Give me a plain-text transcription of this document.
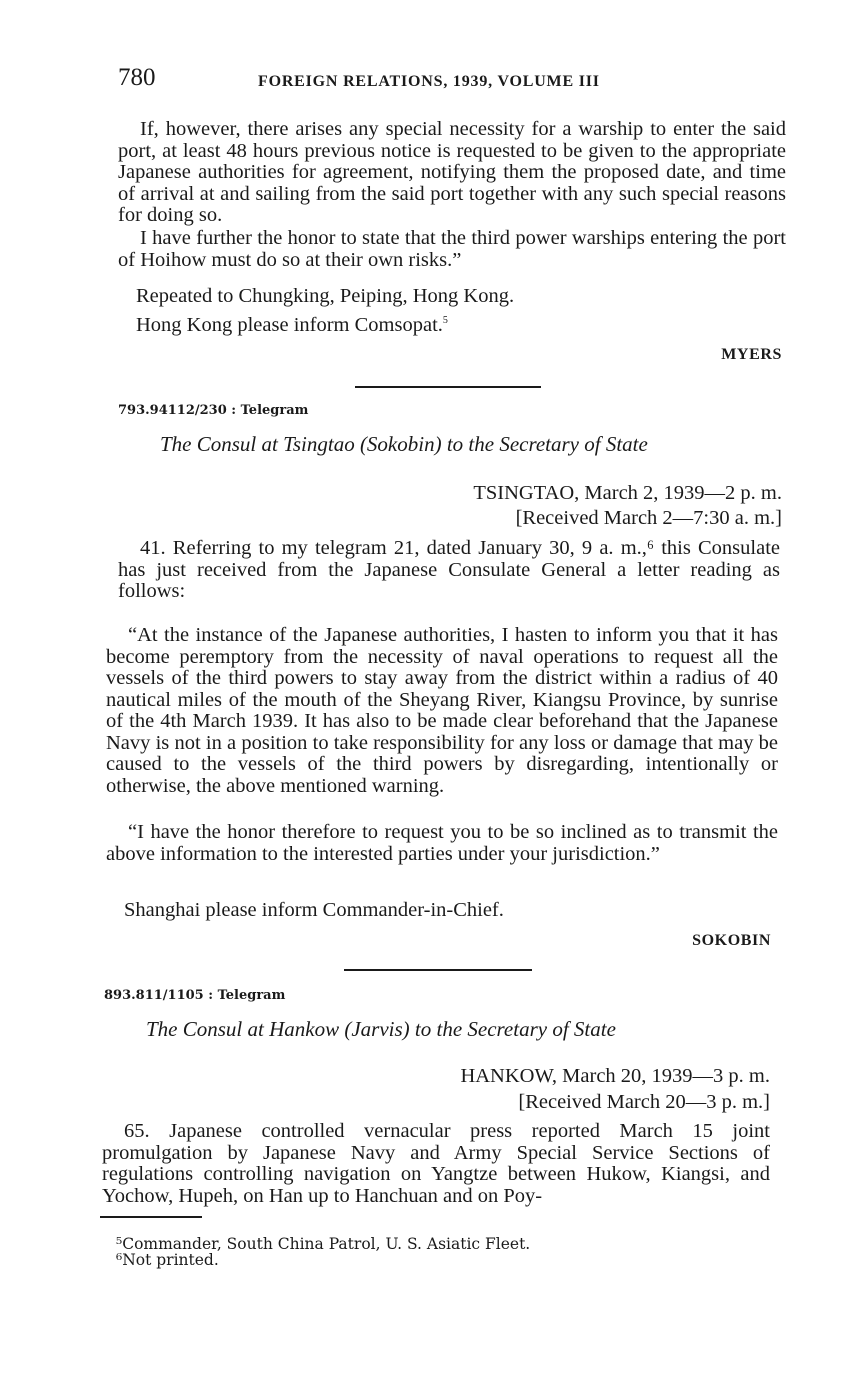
780	FOREIGN RELATIONS, 1939, VOLUME III

If, however, there arises any special necessity for a warship to enter the said port, at least 48 hours previous notice is requested to be given to the appropriate Japanese authorities for agreement, notifying them the proposed date, and time of arrival at and sailing from the said port together with any such special reasons for doing so.

I have further the honor to state that the third power warships entering the port of Hoihow must do so at their own risks.”

Repeated to Chungking, Peiping, Hong Kong.

Hong Kong please inform Comsopat.$^5$

MYERS
793.94112/230 : Telegram
The Consul at Tsingtao (Sokobin) to the Secretary of State
TSINGTAO, March 2, 1939—2 p. m.
[Received March 2—7:30 a. m.]

41. Referring to my telegram 21, dated January 30, 9 a. m.,⁶ this Consulate has just received from the Japanese Consulate General a letter reading as follows:

“At the instance of the Japanese authorities, I hasten to inform you that it has become peremptory from the necessity of naval operations to request all the vessels of the third powers to stay away from the district within a radius of 40 nautical miles of the mouth of the Sheyang River, Kiangsu Province, by sunrise of the 4th March 1939. It has also to be made clear beforehand that the Japanese Navy is not in a position to take responsibility for any loss or damage that may be caused to the vessels of the third powers by disregarding, intentionally or otherwise, the above mentioned warning.

“I have the honor therefore to request you to be so inclined as to transmit the above information to the interested parties under your jurisdiction.”

Shanghai please inform Commander-in-Chief.

SOKOBIN
893.811/1105 : Telegram
The Consul at Hankow (Jarvis) to the Secretary of State
HANKOW, March 20, 1939—3 p. m.
[Received March 20—3 p. m.]

65. Japanese controlled vernacular press reported March 15 joint promulgation by Japanese Navy and Army Special Service Sections of regulations controlling navigation on Yangtze between Hukow, Kiangsi, and Yochow, Hupeh, on Han up to Hanchuan and on Poy-

⁵Commander, South China Patrol, U. S. Asiatic Fleet.
⁶Not printed.
